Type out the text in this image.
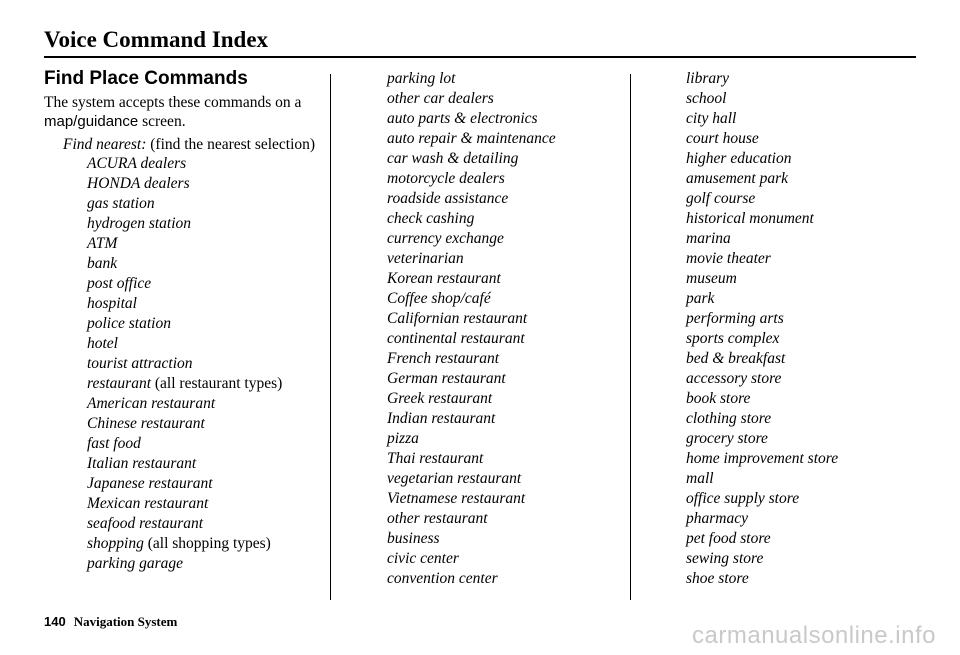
Voice Command Index
Find Place Commands

The system accepts these commands on a map/guidance screen.

Find nearest: (find the nearest selection)

ACURA dealers
HONDA dealers
gas station
hydrogen station
ATM
bank
post office
hospital
police station
hotel
tourist attraction
restaurant (all restaurant types)
American restaurant
Chinese restaurant
fast food
Italian restaurant
Japanese restaurant
Mexican restaurant
seafood restaurant
shopping (all shopping types)
parking garage
parking lot
other car dealers
auto parts & electronics
auto repair & maintenance
car wash & detailing
motorcycle dealers
roadside assistance
check cashing
currency exchange
veterinarian
Korean restaurant
Coffee shop/café
Californian restaurant
continental restaurant
French restaurant
German restaurant
Greek restaurant
Indian restaurant
pizza
Thai restaurant
vegetarian restaurant
Vietnamese restaurant
other restaurant
business
civic center
convention center
library
school
city hall
court house
higher education
amusement park
golf course
historical monument
marina
movie theater
museum
park
performing arts
sports complex
bed & breakfast
accessory store
book store
clothing store
grocery store
home improvement store
mall
office supply store
pharmacy
pet food store
sewing store
shoe store
140 Navigation System
carmanualsonline.info
